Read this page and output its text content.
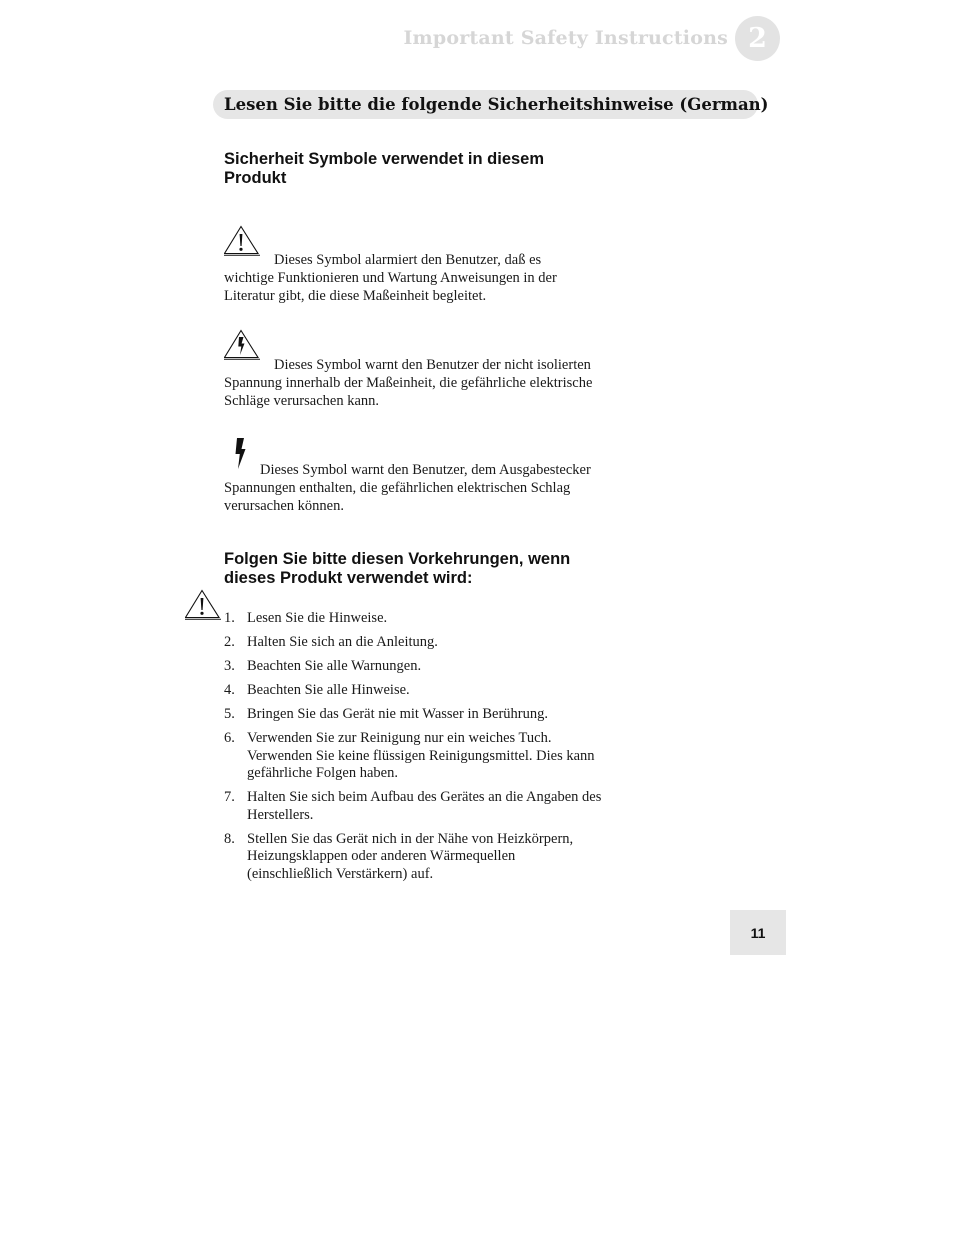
Important Safety Instructions 2
Lesen Sie bitte die folgende Sicherheitshinweise (German)
Sicherheit Symbole verwendet in diesem Produkt
Dieses Symbol alarmiert den Benutzer, daß es wichtige Funktionieren und Wartung Anweisungen in der Literatur gibt, die diese Maßeinheit begleitet.
Dieses Symbol warnt den Benutzer der nicht isolierten Spannung innerhalb der Maßeinheit, die gefährliche elektrische Schläge verursachen kann.
Dieses Symbol warnt den Benutzer, dem Ausgabestecker Spannungen enthalten, die gefährlichen elektrischen Schlag verursachen können.
Folgen Sie bitte diesen Vorkehrungen, wenn dieses Produkt verwendet wird:
1. Lesen Sie die Hinweise.
2. Halten Sie sich an die Anleitung.
3. Beachten Sie alle Warnungen.
4. Beachten Sie alle Hinweise.
5. Bringen Sie das Gerät nie mit Wasser in Berührung.
6. Verwenden Sie zur Reinigung nur ein weiches Tuch. Verwenden Sie keine flüssigen Reinigungsmittel. Dies kann gefährliche Folgen haben.
7. Halten Sie sich beim Aufbau des Gerätes an die Angaben des Herstellers.
8. Stellen Sie das Gerät nich in der Nähe von Heizkörpern, Heizungsklappen oder anderen Wärmequellen (einschließlich Verstärkern) auf.
11
